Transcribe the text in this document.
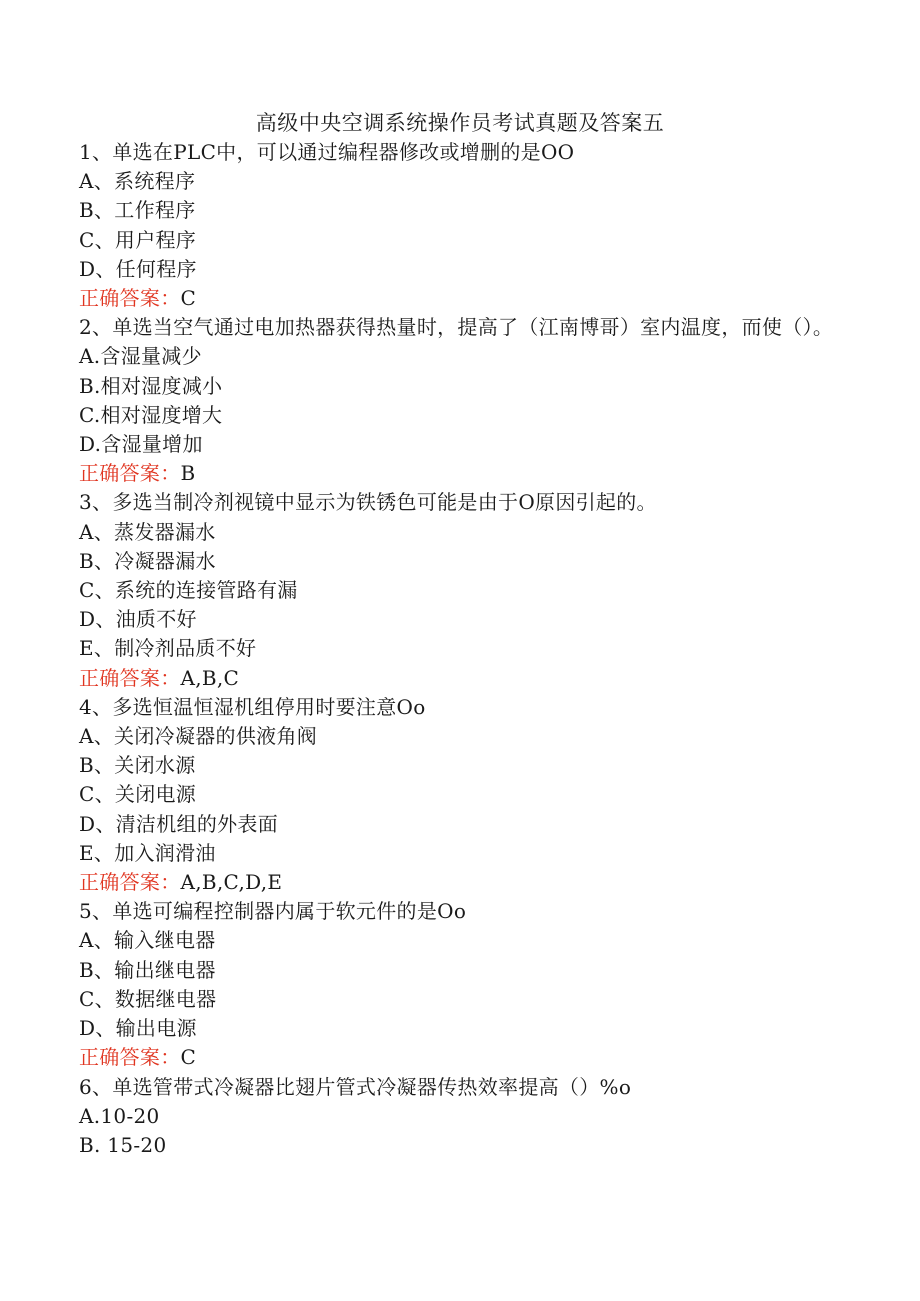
高级中央空调系统操作员考试真题及答案五
1、单选在PLC中，可以通过编程器修改或增删的是OO
A、系统程序
B、工作程序
C、用户程序
D、任何程序
正确答案：C
2、单选当空气通过电加热器获得热量时，提高了（江南博哥）室内温度，而使（）。
A.含湿量减少
B.相对湿度减小
C.相对湿度增大
D.含湿量增加
正确答案：B
3、多选当制冷剂视镜中显示为铁锈色可能是由于O原因引起的。
A、蒸发器漏水
B、冷凝器漏水
C、系统的连接管路有漏
D、油质不好
E、制冷剂品质不好
正确答案：A,B,C
4、多选恒温恒湿机组停用时要注意Oo
A、关闭冷凝器的供液角阀
B、关闭水源
C、关闭电源
D、清洁机组的外表面
E、加入润滑油
正确答案：A,B,C,D,E
5、单选可编程控制器内属于软元件的是Oo
A、输入继电器
B、输出继电器
C、数据继电器
D、输出电源
正确答案：C
6、单选管带式冷凝器比翅片管式冷凝器传热效率提高（）%o
A.10-20
B. 15-20
